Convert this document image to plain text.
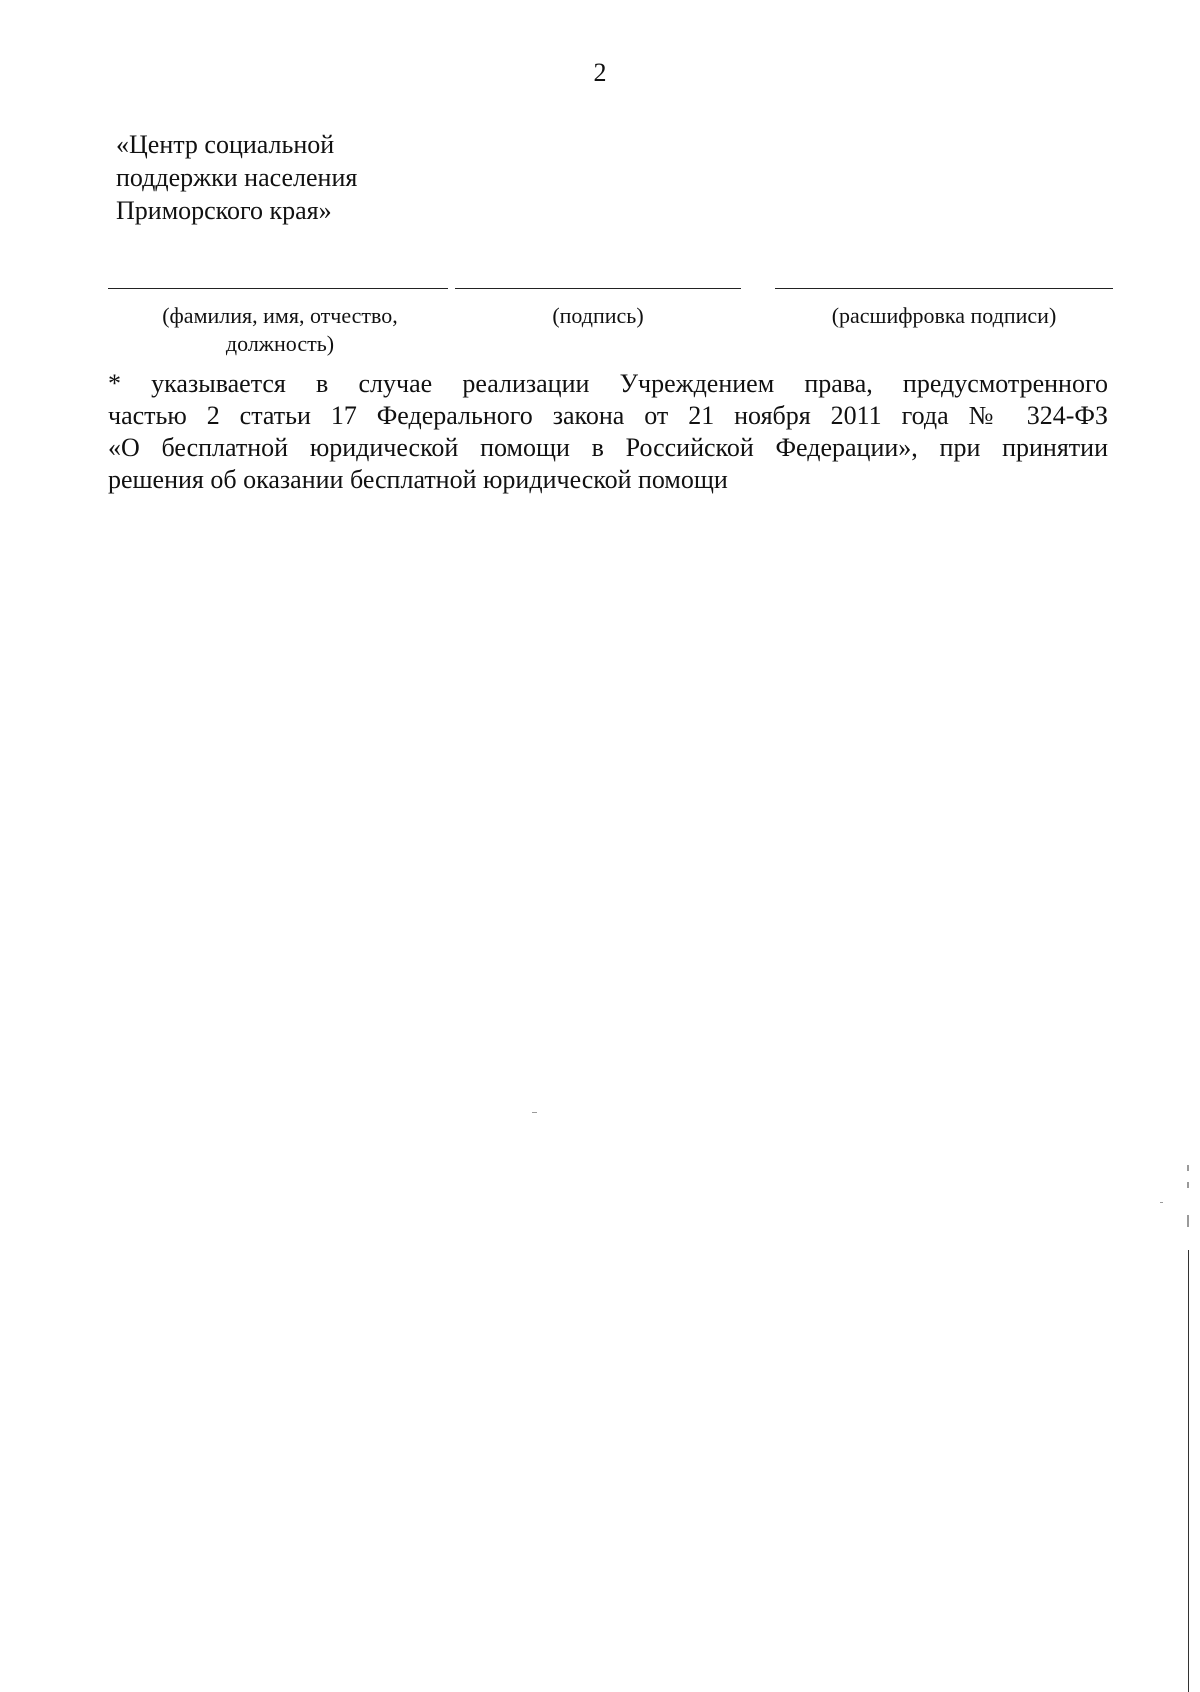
2
«Центр социальной
поддержки населения
Приморского края»
(фамилия, имя, отчество,
должность)
(подпись)	(расшифровка подписи)
* указывается в случае реализации Учреждением права, предусмотренного
частью 2 статьи 17 Федерального закона от 21 ноября 2011 года № 324-ФЗ
«О бесплатной юридической помощи в Российской Федерации», при принятии
решения об оказании бесплатной юридической помощи
